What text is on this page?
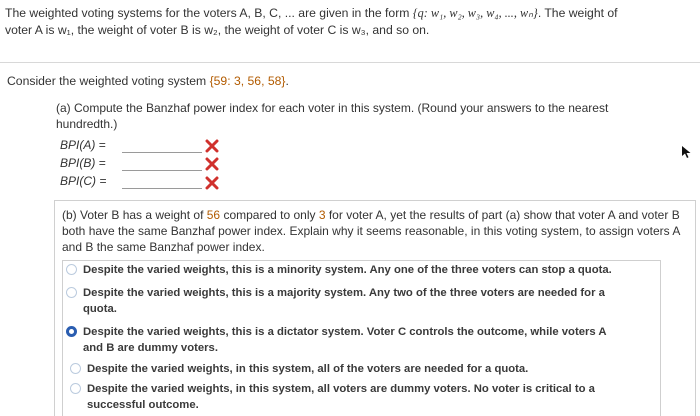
The weighted voting systems for the voters A, B, C, ... are given in the form {q: w₁, w₂, w₃, w₄, ..., wₙ}. The weight of
voter A is w₁, the weight of voter B is w₂, the weight of voter C is w₃, and so on.
Consider the weighted voting system {59: 3, 56, 58}.
(a) Compute the Banzhaf power index for each voter in this system. (Round your answers to the nearest hundredth.)
BPI(A) =
BPI(B) =
BPI(C) =
(b) Voter B has a weight of 56 compared to only 3 for voter A, yet the results of part (a) show that voter A and voter B both have the same Banzhaf power index. Explain why it seems reasonable, in this voting system, to assign voters A and B the same Banzhaf power index.
Despite the varied weights, this is a minority system. Any one of the three voters can stop a quota.
Despite the varied weights, this is a majority system. Any two of the three voters are needed for a quota.
Despite the varied weights, this is a dictator system. Voter C controls the outcome, while voters A and B are dummy voters.
Despite the varied weights, in this system, all of the voters are needed for a quota.
Despite the varied weights, in this system, all voters are dummy voters. No voter is critical to a successful outcome.
